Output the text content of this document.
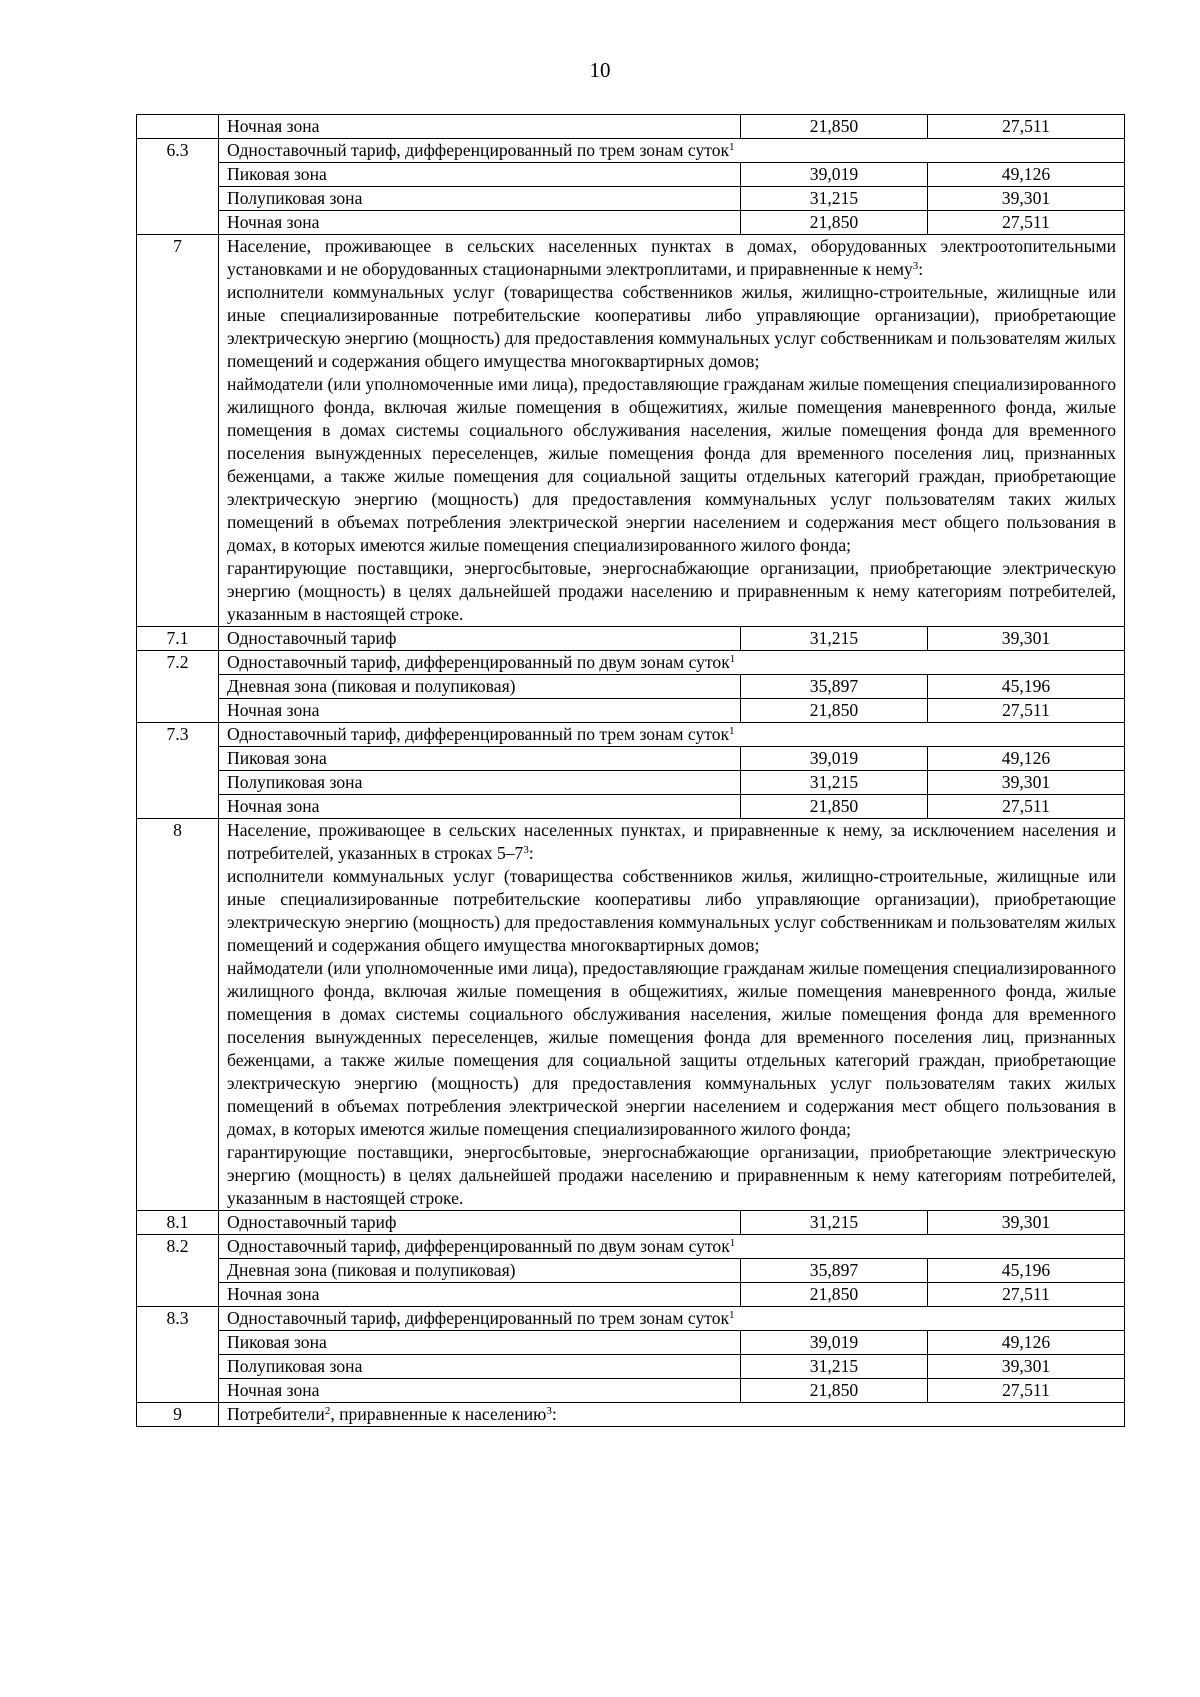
10
	Ночная зона	21,850	27,511
6.3	Одноставочный тариф, дифференцированный по трем зонам суток$^1$
	Пиковая зона	39,019	49,126
	Полупиковая зона	31,215	39,301
	Ночная зона	21,850	27,511
7	Население, проживающее в сельских населенных пунктах в домах, оборудованных электроотопительными установками и не оборудованных стационарными электроплитами, и приравненные к нему$^3$:

исполнители коммунальных услуг (товарищества собственников жилья, жилищно-строительные, жилищные или иные специализированные потребительские кооперативы либо управляющие организации), приобретающие электрическую энергию (мощность) для предоставления коммунальных услуг собственникам и пользователям жилых помещений и содержания общего имущества многоквартирных домов;

наймодатели (или уполномоченные ими лица), предоставляющие гражданам жилые помещения специализированного жилищного фонда, включая жилые помещения в общежитиях, жилые помещения маневренного фонда, жилые помещения в домах системы социального обслуживания населения, жилые помещения фонда для временного поселения вынужденных переселенцев, жилые помещения фонда для временного поселения лиц, признанных беженцами, а также жилые помещения для социальной защиты отдельных категорий граждан, приобретающие электрическую энергию (мощность) для предоставления коммунальных услуг пользователям таких жилых помещений в объемах потребления электрической энергии населением и содержания мест общего пользования в домах, в которых имеются жилые помещения специализированного жилого фонда;

гарантирующие поставщики, энергосбытовые, энергоснабжающие организации, приобретающие электрическую энергию (мощность) в целях дальнейшей продажи населению и приравненным к нему категориям потребителей, указанным в настоящей строке.		

7.1	Одноставочный тариф	31,215	39,301
7.2	Одноставочный тариф, дифференцированный по двум зонам суток$^1$
	Дневная зона (пиковая и полупиковая)	35,897	45,196
	Ночная зона	21,850	27,511
7.3	Одноставочный тариф, дифференцированный по трем зонам суток$^1$
	Пиковая зона	39,019	49,126
	Полупиковая зона	31,215	39,301
	Ночная зона	21,850	27,511
8	Население, проживающее в сельских населенных пунктах, и приравненные к нему, за исключением населения и потребителей, указанных в строках $5-7^3$:

исполнители коммунальных услуг (товарищества собственников жилья, жилищно-строительные, жилищные или иные специализированные потребительские кооперативы либо управляющие организации), приобретающие электрическую энергию (мощность) для предоставления коммунальных услуг собственникам и пользователям жилых помещений и содержания общего имущества многоквартирных домов;

наймодатели (или уполномоченные ими лица), предоставляющие гражданам жилые помещения специализированного жилищного фонда, включая жилые помещения в общежитиях, жилые помещения маневренного фонда, жилые помещения в домах системы социального обслуживания населения, жилые помещения фонда для временного поселения вынужденных переселенцев, жилые помещения фонда для временного поселения лиц, признанных беженцами, а также жилые помещения для социальной защиты отдельных категорий граждан, приобретающие электрическую энергию (мощность) для предоставления коммунальных услуг пользователям таких жилых помещений в объемах потребления электрической энергии населением и содержания мест общего пользования в домах, в которых имеются жилые помещения специализированного жилого фонда;

гарантирующие поставщики, энергосбытовые, энергоснабжающие организации, приобретающие электрическую энергию (мощность) в целях дальнейшей продажи населению и приравненным к нему категориям потребителей, указанным в настоящей строке.		

8.1	Одноставочный тариф	31,215	39,301
8.2	Одноставочный тариф, дифференцированный по двум зонам суток$^1$
	Дневная зона (пиковая и полупиковая)	35,897	45,196
	Ночная зона	21,850	27,511
8.3	Одноставочный тариф, дифференцированный по трем зонам суток$^1$
	Пиковая зона	39,019	49,126
	Полупиковая зона	31,215	39,301
	Ночная зона	21,850	27,511
9	Потребители$^2$, приравненные к населению$^3$:		
